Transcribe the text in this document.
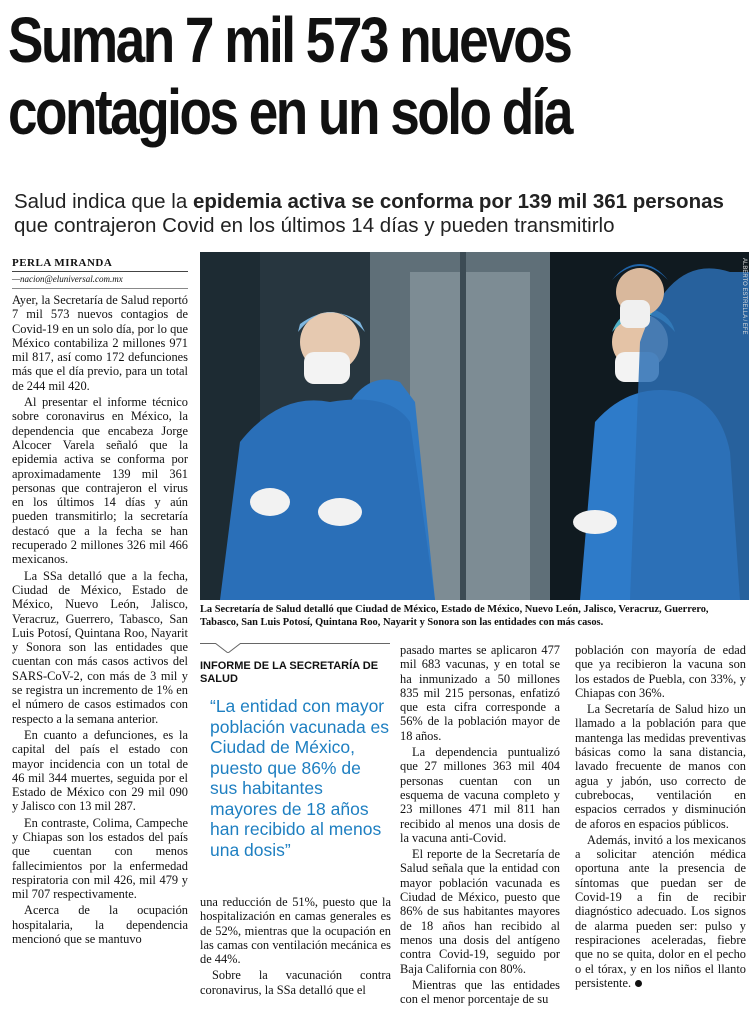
Suman 7 mil 573 nuevos
contagios en un solo día
Salud indica que la epidemia activa se conforma por 139 mil 361 personas
que contrajeron Covid en los últimos 14 días y pueden transmitirlo
PERLA MIRANDA
—nacion@eluniversal.com.mx

Ayer, la Secretaría de Salud reportó 7 mil 573 nuevos contagios de Covid-19 en un solo día, por lo que México contabiliza 2 millones 971 mil 817, así como 172 defunciones más que el día previo, para un total de 244 mil 420.

Al presentar el informe técnico sobre coronavirus en México, la dependencia que encabeza Jorge Alcocer Varela señaló que la epidemia activa se conforma por aproximadamente 139 mil 361 personas que contrajeron el virus en los últimos 14 días y aún pueden transmitirlo; la secretaría destacó que a la fecha se han recuperado 2 millones 326 mil 466 mexicanos.

La SSa detalló que a la fecha, Ciudad de México, Estado de México, Nuevo León, Jalisco, Veracruz, Guerrero, Tabasco, San Luis Potosí, Quintana Roo, Nayarit y Sonora son las entidades que cuentan con más casos activos del SARS-CoV-2, con más de 3 mil y se registra un incremento de 1% en el número de casos estimados con respecto a la semana anterior.

En cuanto a defunciones, es la capital del país el estado con mayor incidencia con un total de 46 mil 344 muertes, seguida por el Estado de México con 29 mil 090 y Jalisco con 13 mil 287.

En contraste, Colima, Campeche y Chiapas son los estados del país que cuentan con menos fallecimientos por la enfermedad respiratoria con mil 426, mil 479 y mil 707 respectivamente.

Acerca de la ocupación hospitalaria, la dependencia mencionó que se mantuvo

ALBERTO ESTRELLA / EFE
La Secretaría de Salud detalló que Ciudad de México, Estado de México, Nuevo León, Jalisco, Veracruz, Guerrero, Tabasco, San Luis Potosí, Quintana Roo, Nayarit y Sonora son las entidades con más casos.
INFORME DE LA SECRETARÍA DE SALUD
“La entidad con mayor población vacunada es Ciudad de México, puesto que 86% de sus habitantes mayores de 18 años han recibido al menos una dosis”

una reducción de 51%, puesto que la hospitalización en camas generales es de 52%, mientras que la ocupación en las camas con ventilación mecánica es de 44%.

Sobre la vacunación contra coronavirus, la SSa detalló que el

pasado martes se aplicaron 477 mil 683 vacunas, y en total se ha inmunizado a 50 millones 835 mil 215 personas, enfatizó que esta cifra corresponde a 56% de la población mayor de 18 años.

La dependencia puntualizó que 27 millones 363 mil 404 personas cuentan con un esquema de vacuna completo y 23 millones 471 mil 811 han recibido al menos una dosis de la vacuna anti-Covid.

El reporte de la Secretaría de Salud señala que la entidad con mayor población vacunada es Ciudad de México, puesto que 86% de sus habitantes mayores de 18 años han recibido al menos una dosis del antígeno contra Covid-19, seguido por Baja California con 80%.

Mientras que las entidades con el menor porcentaje de su

población con mayoría de edad que ya recibieron la vacuna son los estados de Puebla, con 33%, y Chiapas con 36%.

La Secretaría de Salud hizo un llamado a la población para que mantenga las medidas preventivas básicas como la sana distancia, lavado frecuente de manos con agua y jabón, uso correcto de cubrebocas, ventilación en espacios cerrados y disminución de aforos en espacios públicos.

Además, invitó a los mexicanos a solicitar atención médica oportuna ante la presencia de síntomas que puedan ser de Covid-19 a fin de recibir diagnóstico adecuado. Los signos de alarma pueden ser: pulso y respiraciones aceleradas, fiebre que no se quita, dolor en el pecho o el tórax, y en los niños el llanto persistente.
